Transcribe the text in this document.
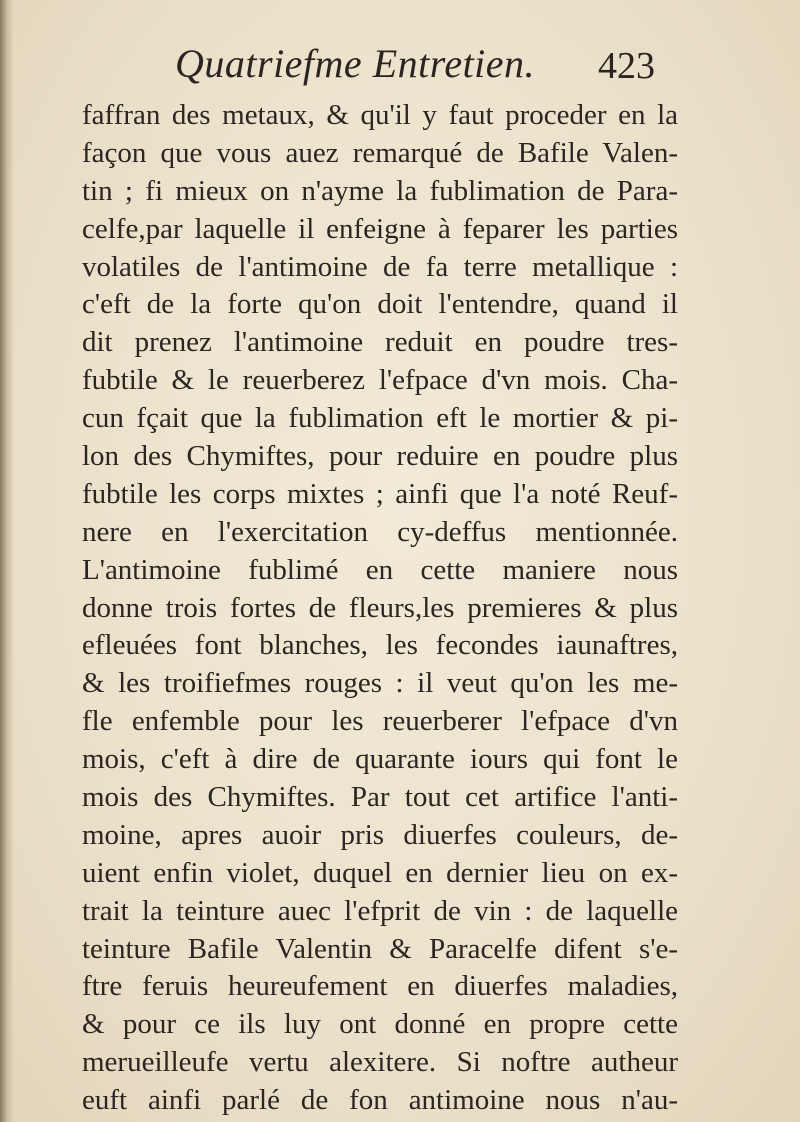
Quatriefme Entretien. 423
faffran des metaux, & qu'il y faut proceder en la
façon que vous auez remarqué de Bafile Valen-
tin ; fi mieux on n'ayme la fublimation de Para-
celfe,par laquelle il enfeigne à feparer les parties
volatiles de l'antimoine de fa terre metallique :
c'eft de la forte qu'on doit l'entendre, quand il
dit prenez l'antimoine reduit en poudre tres-
fubtile & le reuerberez l'efpace d'vn mois. Cha-
cun fçait que la fublimation eft le mortier & pi-
lon des Chymiftes, pour reduire en poudre plus
fubtile les corps mixtes ; ainfi que l'a noté Reuf-
nere en l'exercitation cy-deffus mentionnée.
L'antimoine fublimé en cette maniere nous
donne trois fortes de fleurs,les premieres & plus
efleuées font blanches, les fecondes iaunaftres,
& les troifiefmes rouges : il veut qu'on les me-
fle enfemble pour les reuerberer l'efpace d'vn
mois, c'eft à dire de quarante iours qui font le
mois des Chymiftes. Par tout cet artifice l'anti-
moine, apres auoir pris diuerfes couleurs, de-
uient enfin violet, duquel en dernier lieu on ex-
trait la teinture auec l'efprit de vin : de laquelle
teinture Bafile Valentin & Paracelfe difent s'e-
ftre feruis heureufement en diuerfes maladies,
& pour ce ils luy ont donné en propre cette
merueilleufe vertu alexitere. Si noftre autheur
euft ainfi parlé de fon antimoine nous n'au-
